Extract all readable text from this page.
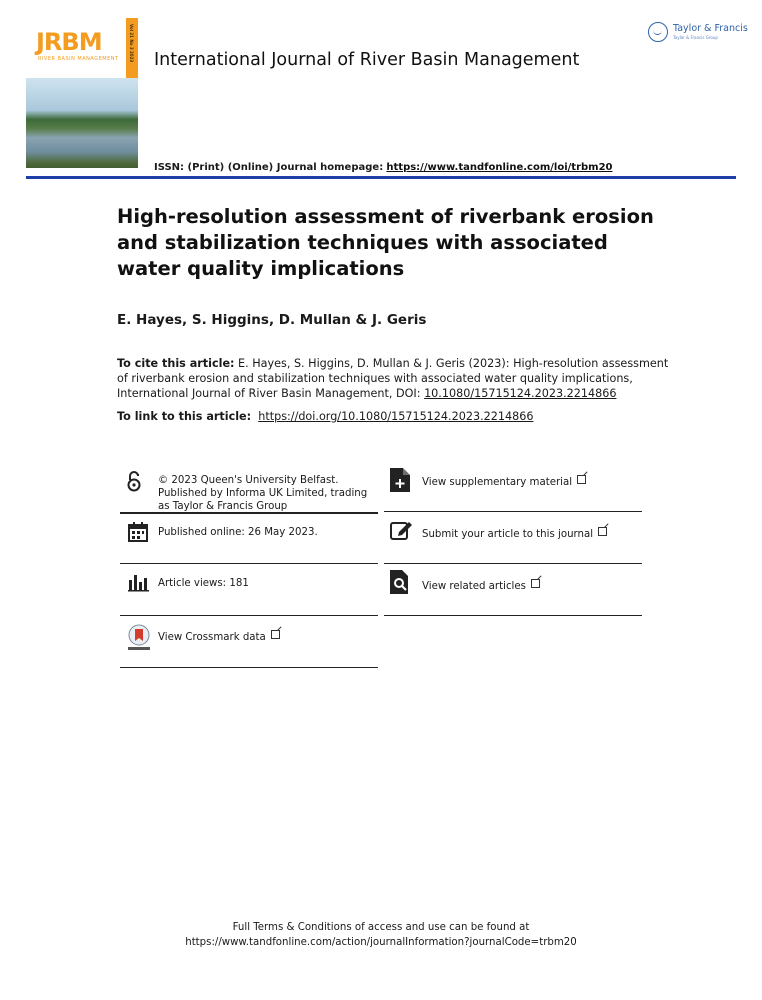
JRBM
RIVER BASIN MANAGEMENT	Vol 21 No 3 2023 International Journal of River Basin Management
Taylor & Francis
Taylor & Francis Group
ISSN: (Print) (Online) Journal homepage: https://www.tandfonline.com/loi/trbm20
High-resolution assessment of riverbank erosion and stabilization techniques with associated water quality implications
E. Hayes, S. Higgins, D. Mullan & J. Geris
To cite this article: E. Hayes, S. Higgins, D. Mullan & J. Geris (2023): High-resolution assessment of riverbank erosion and stabilization techniques with associated water quality implications, International Journal of River Basin Management, DOI: 10.1080/15715124.2023.2214866
To link to this article: https://doi.org/10.1080/15715124.2023.2214866
© 2023 Queen's University Belfast. Published by Informa UK Limited, trading as Taylor & Francis Group
Published online: 26 May 2023.
Article views: 181
View Crossmark data
View supplementary material
Submit your article to this journal
View related articles
Full Terms & Conditions of access and use can be found at
https://www.tandfonline.com/action/journalInformation?journalCode=trbm20
